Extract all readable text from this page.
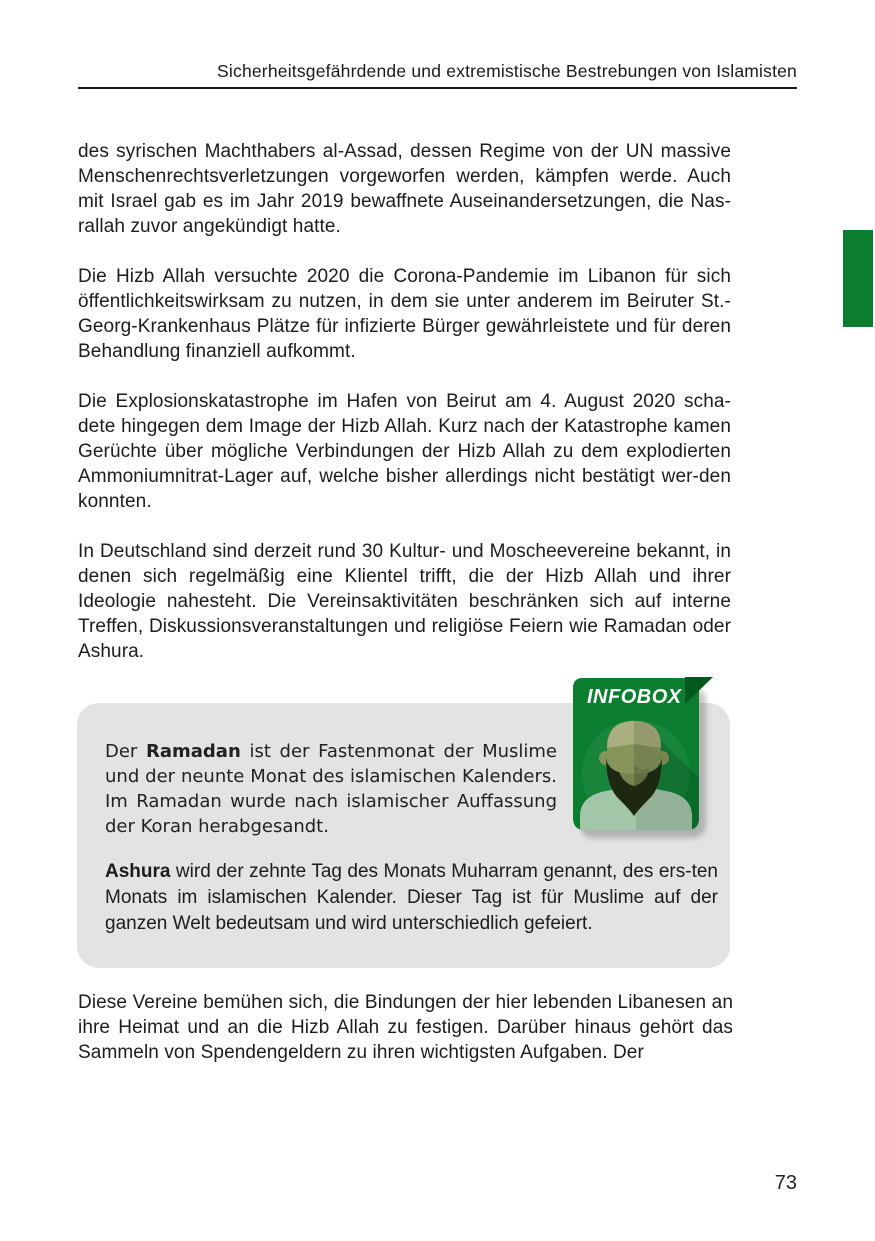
Sicherheitsgefährdende und extremistische Bestrebungen von Islamisten

des syrischen Machthabers al-Assad, dessen Regime von der UN massive Menschenrechtsverletzungen vorgeworfen werden, kämpfen werde. Auch mit Israel gab es im Jahr 2019 bewaffnete Auseinandersetzungen, die Nas-rallah zuvor angekündigt hatte.

Die Hizb Allah versuchte 2020 die Corona-Pandemie im Libanon für sich öffentlichkeitswirksam zu nutzen, in dem sie unter anderem im Beiruter St.-Georg-Krankenhaus Plätze für infizierte Bürger gewährleistete und für deren Behandlung finanziell aufkommt.

Die Explosionskatastrophe im Hafen von Beirut am 4. August 2020 scha-dete hingegen dem Image der Hizb Allah. Kurz nach der Katastrophe kamen Gerüchte über mögliche Verbindungen der Hizb Allah zu dem explodierten Ammoniumnitrat-Lager auf, welche bisher allerdings nicht bestätigt wer-den konnten.

In Deutschland sind derzeit rund 30 Kultur- und Moscheevereine bekannt, in denen sich regelmäßig eine Klientel trifft, die der Hizb Allah und ihrer Ideologie nahesteht. Die Vereinsaktivitäten beschränken sich auf interne Treffen, Diskussionsveranstaltungen und religiöse Feiern wie Ramadan oder Ashura.

Der Ramadan ist der Fastenmonat der Muslime und der neunte Monat des islamischen Kalenders. Im Ramadan wurde nach islamischer Auffassung der Koran herabgesandt.

Ashura wird der zehnte Tag des Monats Muharram genannt, des ers-ten Monats im islamischen Kalender. Dieser Tag ist für Muslime auf der ganzen Welt bedeutsam und wird unterschiedlich gefeiert.

INFOBOX

Diese Vereine bemühen sich, die Bindungen der hier lebenden Libanesen an ihre Heimat und an die Hizb Allah zu festigen. Darüber hinaus gehört das Sammeln von Spendengeldern zu ihren wichtigsten Aufgaben. Der

73
